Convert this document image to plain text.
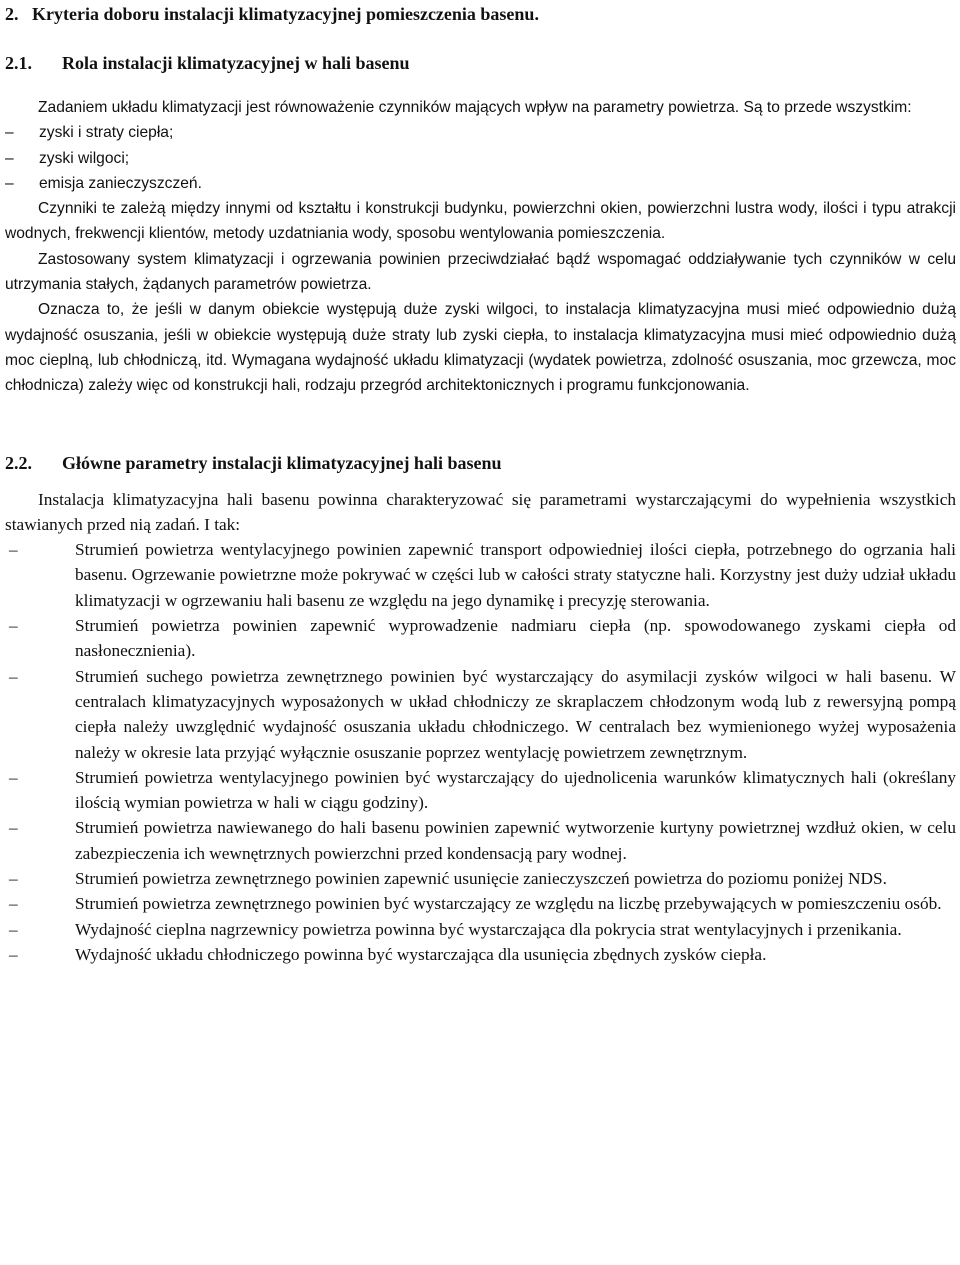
2. Kryteria doboru instalacji klimatyzacyjnej pomieszczenia basenu.
2.1. Rola instalacji klimatyzacyjnej w hali basenu

Zadaniem układu klimatyzacji jest równoważenie czynników mających wpływ na parametry powietrza. Są to przede wszystkim:

–	zyski i straty ciepła;
–	zyski wilgoci;
–	emisja zanieczyszczeń.

Czynniki te zależą między innymi od kształtu i konstrukcji budynku, powierzchni okien, powierzchni lustra wody, ilości i typu atrakcji wodnych, frekwencji klientów, metody uzdatniania wody, sposobu wentylowania pomieszczenia.

Zastosowany system klimatyzacji i ogrzewania powinien przeciwdziałać bądź wspomagać oddziaływanie tych czynników w celu utrzymania stałych, żądanych parametrów powietrza.

Oznacza to, że jeśli w danym obiekcie występują duże zyski wilgoci, to instalacja klimatyzacyjna musi mieć odpowiednio dużą wydajność osuszania, jeśli w obiekcie występują duże straty lub zyski ciepła, to instalacja klimatyzacyjna musi mieć odpowiednio dużą moc cieplną, lub chłodniczą, itd. Wymagana wydajność układu klimatyzacji (wydatek powietrza, zdolność osuszania, moc grzewcza, moc chłodnicza) zależy więc od konstrukcji hali, rodzaju przegród architektonicznych i programu funkcjonowania.

2.2. Główne parametry instalacji klimatyzacyjnej hali basenu

Instalacja klimatyzacyjna hali basenu powinna charakteryzować się parametrami wystarczającymi do wypełnienia wszystkich stawianych przed nią zadań. I tak:

–	Strumień powietrza wentylacyjnego powinien zapewnić transport odpowiedniej ilości ciepła, potrzebnego do ogrzania hali basenu. Ogrzewanie powietrzne może pokrywać w części lub w całości straty statyczne hali. Korzystny jest duży udział układu klimatyzacji w ogrzewaniu hali basenu ze względu na jego dynamikę i precyzję sterowania.
–	Strumień powietrza powinien zapewnić wyprowadzenie nadmiaru ciepła (np. spowodowanego zyskami ciepła od nasłonecznienia).
–	Strumień suchego powietrza zewnętrznego powinien być wystarczający do asymilacji zysków wilgoci w hali basenu. W centralach klimatyzacyjnych wyposażonych w układ chłodniczy ze skraplaczem chłodzonym wodą lub z rewersyjną pompą ciepła należy uwzględnić wydajność osuszania układu chłodniczego. W centralach bez wymienionego wyżej wyposażenia należy w okresie lata przyjąć wyłącznie osuszanie poprzez wentylację powietrzem zewnętrznym.
–	Strumień powietrza wentylacyjnego powinien być wystarczający do ujednolicenia warunków klimatycznych hali (określany ilością wymian powietrza w hali w ciągu godziny).
–	Strumień powietrza nawiewanego do hali basenu powinien zapewnić wytworzenie kurtyny powietrznej wzdłuż okien, w celu zabezpieczenia ich wewnętrznych powierzchni przed kondensacją pary wodnej.
–	Strumień powietrza zewnętrznego powinien zapewnić usunięcie zanieczyszczeń powietrza do poziomu poniżej NDS.
–	Strumień powietrza zewnętrznego powinien być wystarczający ze względu na liczbę przebywających w pomieszczeniu osób.
–	Wydajność cieplna nagrzewnicy powietrza powinna być wystarczająca dla pokrycia strat wentylacyjnych i przenikania.
–	Wydajność układu chłodniczego powinna być wystarczająca dla usunięcia zbędnych zysków ciepła.
